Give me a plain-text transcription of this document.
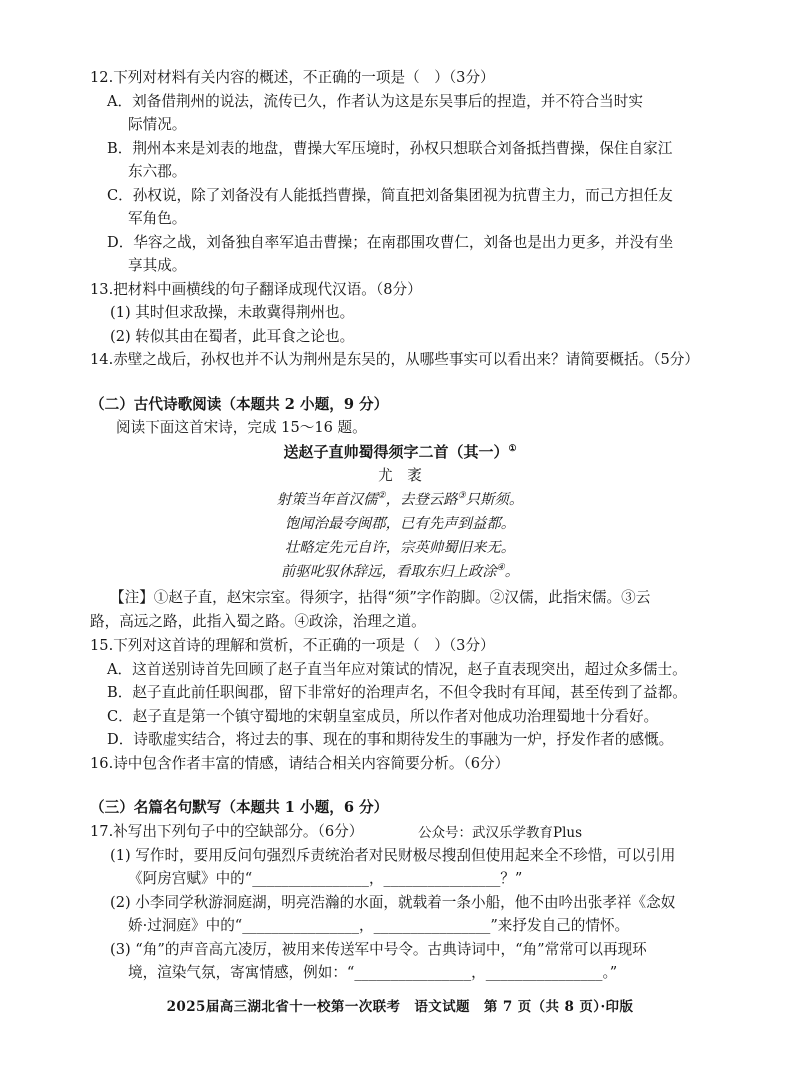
12.下列对材料有关内容的概述，不正确的一项是（　）（3分）
A．刘备借荆州的说法，流传已久，作者认为这是东吴事后的捏造，并不符合当时实
际情况。
B．荆州本来是刘表的地盘，曹操大军压境时，孙权只想联合刘备抵挡曹操，保住自家江
东六郡。
C．孙权说，除了刘备没有人能抵挡曹操，简直把刘备集团视为抗曹主力，而己方担任友
军角色。
D．华容之战，刘备独自率军追击曹操；在南郡围攻曹仁，刘备也是出力更多，并没有坐
享其成。
13.把材料中画横线的句子翻译成现代汉语。（8分）
(1) 其时但求敌操，未敢冀得荆州也。
(2) 转似其由在蜀者，此耳食之论也。
14.赤壁之战后，孙权也并不认为荆州是东吴的，从哪些事实可以看出来？请简要概括。（5分）
（二）古代诗歌阅读（本题共 2 小题，9 分）
阅读下面这首宋诗，完成 15～16 题。
送赵子直帅蜀得须字二首（其一）①
尤　袤
射策当年首汉儒②，去登云路③只斯须。
饱闻治最夸闽郡，已有先声到益都。
壮略定先元自许，宗英帅蜀旧来无。
前驱叱驭休辞远，看取东归上政涂④。
【注】①赵子直，赵宋宗室。得须字，拈得“须”字作韵脚。②汉儒，此指宋儒。③云
路，高远之路，此指入蜀之路。④政涂，治理之道。
15.下列对这首诗的理解和赏析，不正确的一项是（　）（3分）
A．这首送别诗首先回顾了赵子直当年应对策试的情况，赵子直表现突出，超过众多儒士。
B．赵子直此前任职闽郡，留下非常好的治理声名，不但令我时有耳闻，甚至传到了益都。
C．赵子直是第一个镇守蜀地的宋朝皇室成员，所以作者对他成功治理蜀地十分看好。
D．诗歌虚实结合，将过去的事、现在的事和期待发生的事融为一炉，抒发作者的感慨。
16.诗中包含作者丰富的情感，请结合相关内容简要分析。（6分）
（三）名篇名句默写（本题共 1 小题，6 分）
17.补写出下列句子中的空缺部分。（6分）	公众号：武汉乐学教育Plus
(1) 写作时，要用反问句强烈斥责统治者对民财极尽搜刮但使用起来全不珍惜，可以引用
《阿房宫赋》中的“________________，________________？”
(2) 小李同学秋游洞庭湖，明亮浩瀚的水面，就载着一条小船，他不由吟出张孝祥《念奴
娇·过洞庭》中的“________________，________________”来抒发自己的情怀。
(3) “角”的声音高亢凌厉，被用来传送军中号令。古典诗词中，“角”常常可以再现环
境，渲染气氛，寄寓情感，例如：“________________，________________。”
2025届高三湖北省十一校第一次联考　语文试题　第 7 页（共 8 页）·印版
